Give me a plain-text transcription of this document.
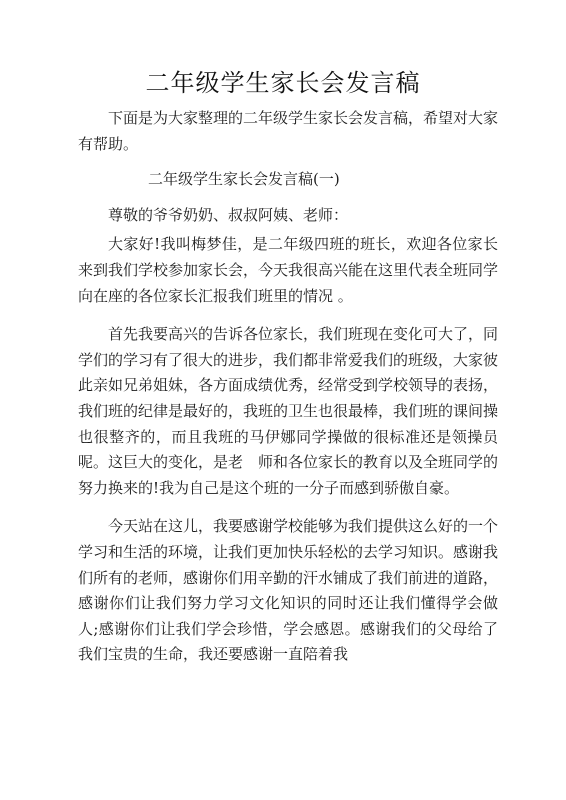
二年级学生家长会发言稿

下面是为大家整理的二年级学生家长会发言稿，希望对大家有帮助。

二年级学生家长会发言稿(一)

尊敬的爷爷奶奶、叔叔阿姨、老师：

大家好!我叫梅梦佳，是二年级四班的班长，欢迎各位家长来到我们学校参加家长会，今天我很高兴能在这里代表全班同学向在座的各位家长汇报我们班里的情况 。

首先我要高兴的告诉各位家长，我们班现在变化可大了，同学们的学习有了很大的进步，我们都非常爱我们的班级，大家彼此亲如兄弟姐妹，各方面成绩优秀，经常受到学校领导的表扬，我们班的纪律是最好的，我班的卫生也很最棒，我们班的课间操也很整齐的，而且我班的马伊娜同学操做的很标准还是领操员呢。这巨大的变化，是老　师和各位家长的教育以及全班同学的努力换来的!我为自己是这个班的一分子而感到骄傲自豪。

今天站在这儿，我要感谢学校能够为我们提供这么好的一个学习和生活的环境，让我们更加快乐轻松的去学习知识。感谢我们所有的老师，感谢你们用辛勤的汗水铺成了我们前进的道路，感谢你们让我们努力学习文化知识的同时还让我们懂得学会做人;感谢你们让我们学会珍惜，学会感恩。感谢我们的父母给了我们宝贵的生命，我还要感谢一直陪着我
